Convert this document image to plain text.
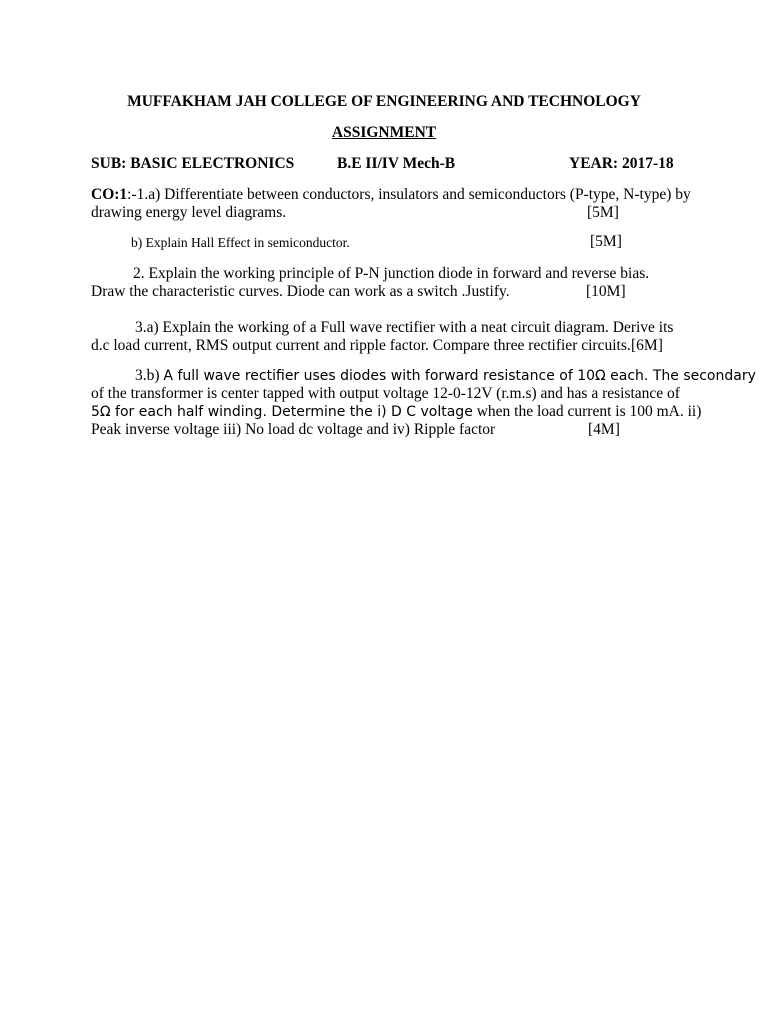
MUFFAKHAM JAH COLLEGE OF ENGINEERING AND TECHNOLOGY
ASSIGNMENT
SUB: BASIC ELECTRONICS	B.E II/IV Mech-B	YEAR: 2017-18
CO:1:-1.a) Differentiate between conductors, insulators and semiconductors (P-type, N-type) by
drawing energy level diagrams.	[5M]
b) Explain Hall Effect in semiconductor.	[5M]
2. Explain the working principle of P-N junction diode in forward and reverse bias.
Draw the characteristic curves. Diode can work as a switch .Justify.	[10M]
3.a) Explain the working of a Full wave rectifier with a neat circuit diagram. Derive its
d.c load current, RMS output current and ripple factor. Compare three rectifier circuits. [6M]
3.b) A full wave rectifier uses diodes with forward resistance of 10Ω each. The secondary
of the transformer is center tapped with output voltage 12-0-12V (r.m.s) and has a resistance of
5Ω for each half winding. Determine the i) D C voltage when the load current is 100 mA. ii)
Peak inverse voltage iii) No load dc voltage and iv) Ripple factor	[4M]
